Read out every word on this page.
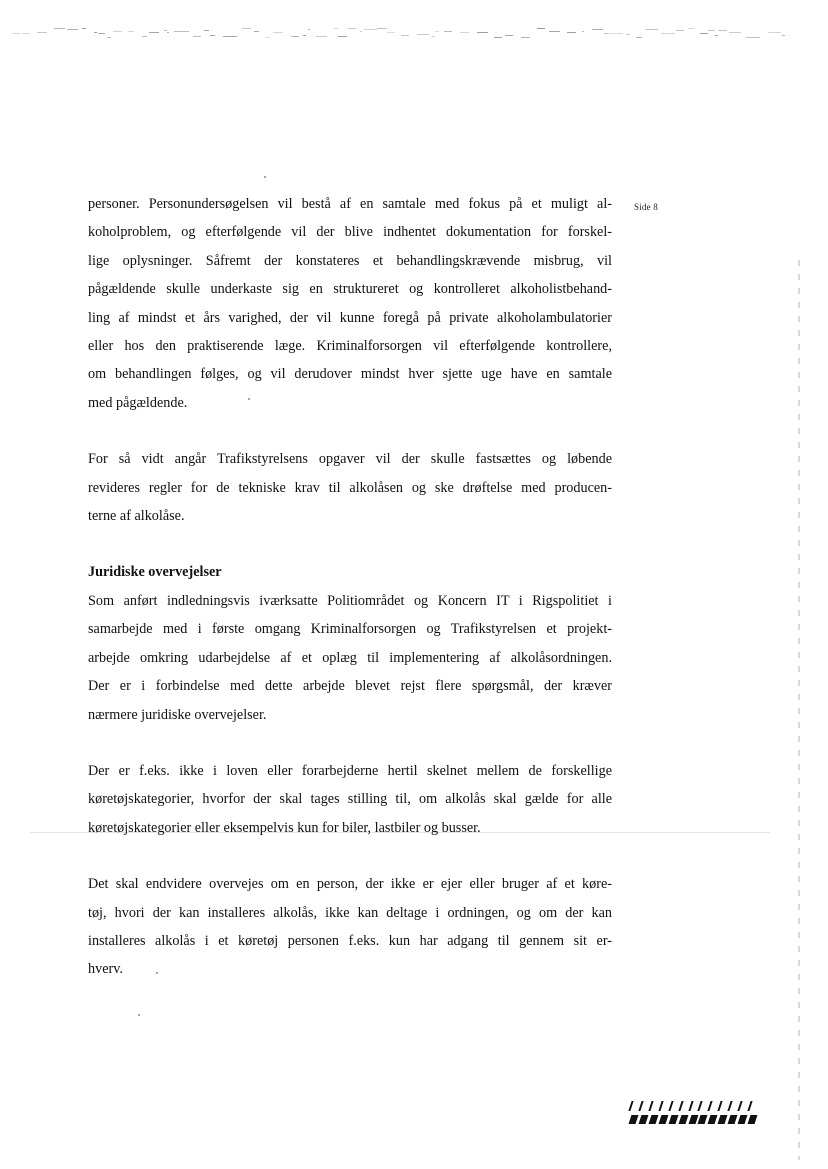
Side 8

personer. Personundersøgelsen vil bestå af en samtale med fokus på et muligt al-
koholproblem, og efterfølgende vil der blive indhentet dokumentation for forskel-
lige oplysninger. Såfremt der konstateres et behandlingskrævende misbrug, vil
pågældende skulle underkaste sig en struktureret og kontrolleret alkoholistbehand-
ling af mindst et års varighed, der vil kunne foregå på private alkoholambulatorier
eller hos den praktiserende læge. Kriminalforsorgen vil efterfølgende kontrollere,
om behandlingen følges, og vil derudover mindst hver sjette uge have en samtale
med pågældende.

For så vidt angår Trafikstyrelsens opgaver vil der skulle fastsættes og løbende
revideres regler for de tekniske krav til alkolåsen og ske drøftelse med producen-
terne af alkolåse.

Juridiske overvejelser

Som anført indledningsvis iværksatte Politiområdet og Koncern IT i Rigspolitiet i
samarbejde med i første omgang Kriminalforsorgen og Trafikstyrelsen et projekt-
arbejde omkring udarbejdelse af et oplæg til implementering af alkolåsordningen.
Der er i forbindelse med dette arbejde blevet rejst flere spørgsmål, der kræver
nærmere juridiske overvejelser.

Der er f.eks. ikke i loven eller forarbejderne hertil skelnet mellem de forskellige
køretøjskategorier, hvorfor der skal tages stilling til, om alkolås skal gælde for alle
køretøjskategorier eller eksempelvis kun for biler, lastbiler og busser.

Det skal endvidere overvejes om en person, der ikke er ejer eller bruger af et køre-
tøj, hvori der kan installeres alkolås, ikke kan deltage i ordningen, og om der kan
installeres alkolås i et køretøj personen f.eks. kun har adgang til gennem sit er-
hverv.
